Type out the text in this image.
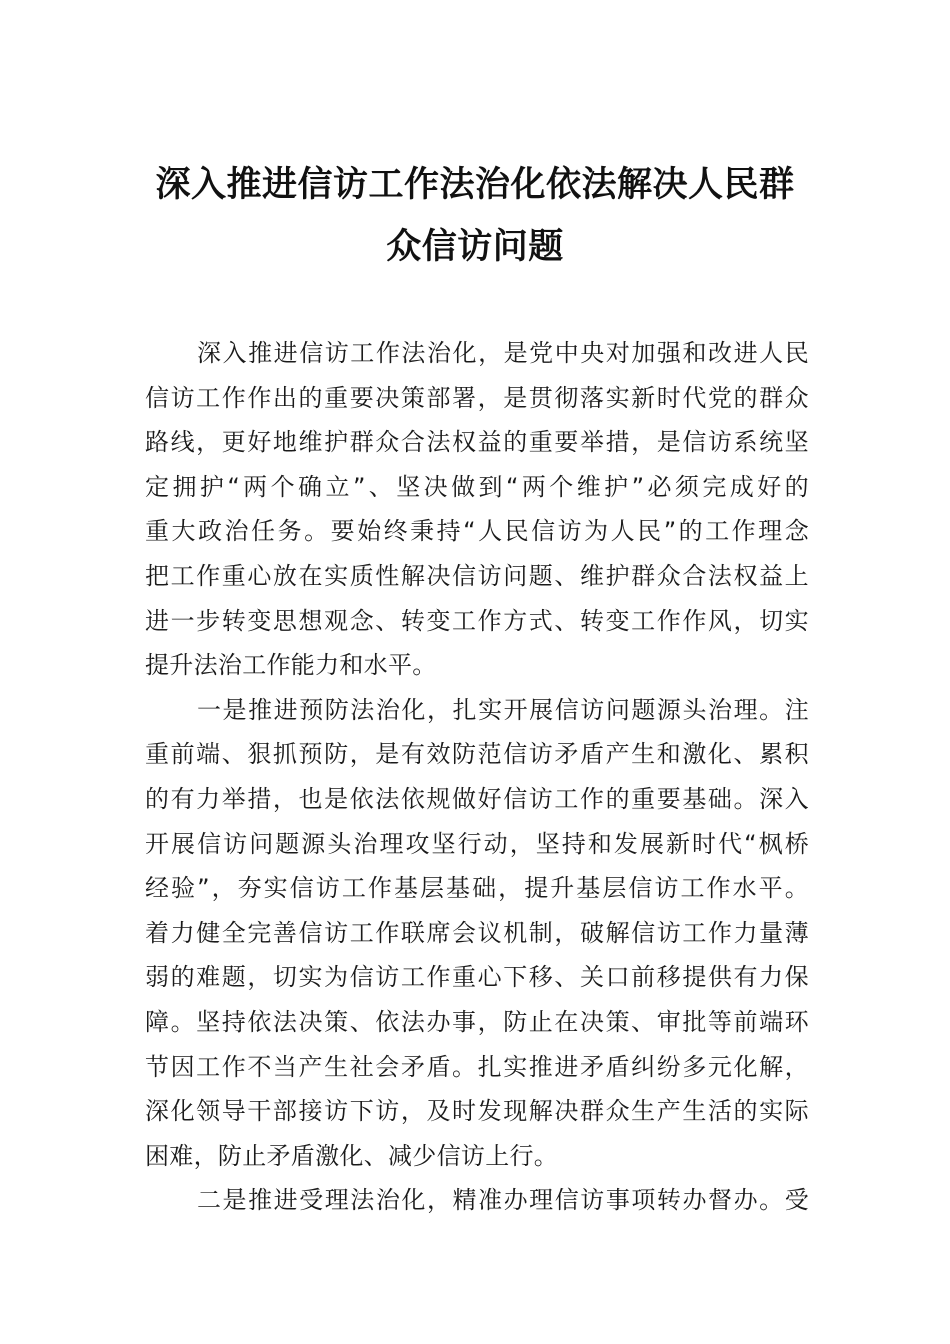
深入推进信访工作法治化依法解决人民群
众信访问题
深入推进信访工作法治化，是党中央对加强和改进人民
信访工作作出的重要决策部署，是贯彻落实新时代党的群众
路线，更好地维护群众合法权益的重要举措，是信访系统坚
定拥护“两个确立”、坚决做到“两个维护”必须完成好的
重大政治任务。要始终秉持“人民信访为人民”的工作理念
把工作重心放在实质性解决信访问题、维护群众合法权益上
进一步转变思想观念、转变工作方式、转变工作作风，切实
提升法治工作能力和水平。
一是推进预防法治化，扎实开展信访问题源头治理。注
重前端、狠抓预防，是有效防范信访矛盾产生和激化、累积
的有力举措，也是依法依规做好信访工作的重要基础。深入
开展信访问题源头治理攻坚行动，坚持和发展新时代“枫桥
经验”，夯实信访工作基层基础，提升基层信访工作水平。
着力健全完善信访工作联席会议机制，破解信访工作力量薄
弱的难题，切实为信访工作重心下移、关口前移提供有力保
障。坚持依法决策、依法办事，防止在决策、审批等前端环
节因工作不当产生社会矛盾。扎实推进矛盾纠纷多元化解，
深化领导干部接访下访，及时发现解决群众生产生活的实际
困难，防止矛盾激化、减少信访上行。
二是推进受理法治化，精准办理信访事项转办督办。受
